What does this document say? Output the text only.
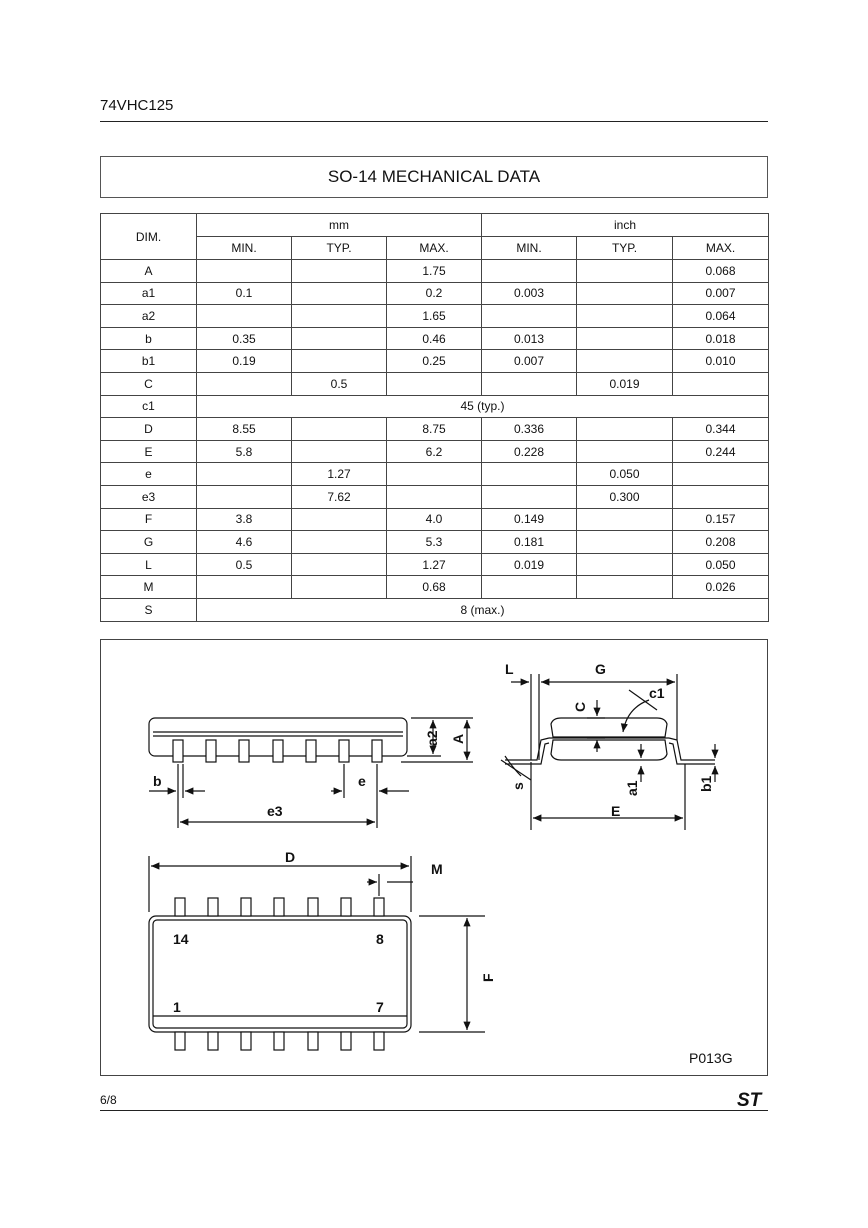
74VHC125
SO-14 MECHANICAL DATA
DIM.	mm			inch		
	MIN.	TYP.	MAX.	MIN.	TYP.	MAX.
A			1.75			0.068
a1	0.1		0.2	0.003		0.007
a2			1.65			0.064
b	0.35		0.46	0.013		0.018
b1	0.19		0.25	0.007		0.010
C		0.5			0.019	
c1	45 (typ.)					
D	8.55		8.75	0.336		0.344
E	5.8		6.2	0.228		0.244
e		1.27			0.050	
e3		7.62			0.300	
F	3.8		4.0	0.149		0.157
G	4.6		5.3	0.181		0.208
L	0.5		1.27	0.019		0.050
M			0.68			0.026
S	8 (max.)					
L	G
c1
C
a2 A
b	e
e3
s	a1
E
b1
D
M
F
14	8
1	7
P013G
6/8	ST
